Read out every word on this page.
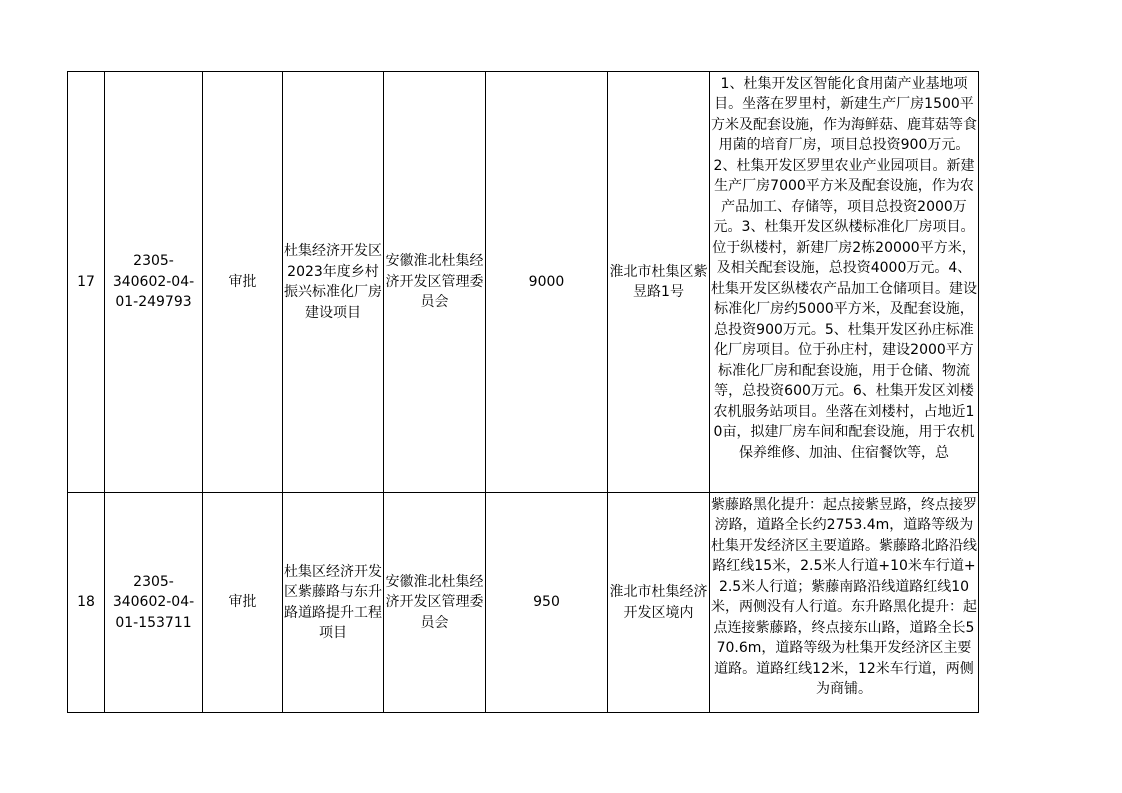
17	2305-340602-04-01-249793	审批	杜集经济开发区2023年度乡村振兴标准化厂房建设项目	安徽淮北杜集经济开发区管理委员会	9000	淮北市杜集区紫昱路1号	1、杜集开发区智能化食用菌产业基地项目。坐落在罗里村，新建生产厂房1500平方米及配套设施，作为海鲜菇、鹿茸菇等食用菌的培育厂房，项目总投资900万元。2、杜集开发区罗里农业产业园项目。新建生产厂房7000平方米及配套设施，作为农产品加工、存储等，项目总投资2000万元。3、杜集开发区纵楼标准化厂房项目。位于纵楼村，新建厂房2栋20000平方米，及相关配套设施，总投资4000万元。4、杜集开发区纵楼农产品加工仓储项目。建设标准化厂房约5000平方米，及配套设施，总投资900万元。5、杜集开发区孙庄标准化厂房项目。位于孙庄村，建设2000平方标准化厂房和配套设施，用于仓储、物流等，总投资600万元。6、杜集开发区刘楼农机服务站项目。坐落在刘楼村，占地近10亩，拟建厂房车间和配套设施，用于农机保养维修、加油、住宿餐饮等，总

18	2305-340602-04-01-153711	审批	杜集区经济开发区紫藤路与东升路道路提升工程项目	安徽淮北杜集经济开发区管理委员会	950	淮北市杜集经济开发区境内	紫藤路黑化提升：起点接紫昱路，终点接罗滂路，道路全长约2753.4m，道路等级为杜集开发经济区主要道路。紫藤路北路沿线路红线15米，2.5米人行道+10米车行道+2.5米人行道；紫藤南路沿线道路红线10米，两侧没有人行道。东升路黑化提升：起点连接紫藤路，终点接东山路，道路全长570.6m，道路等级为杜集开发经济区主要道路。道路红线12米，12米车行道，两侧为商铺。
